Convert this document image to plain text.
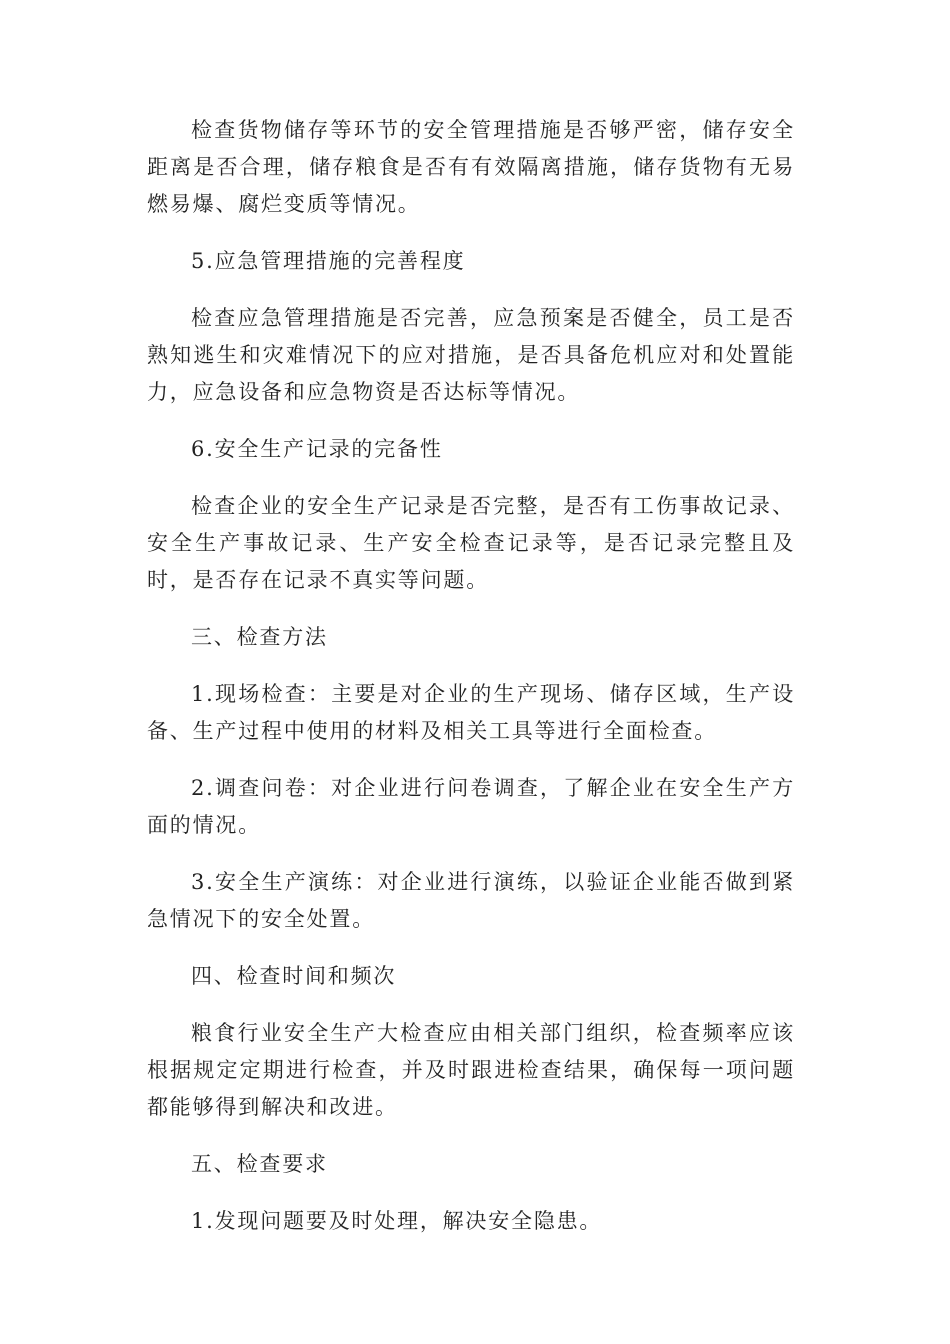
检查货物储存等环节的安全管理措施是否够严密，储存安全距离是否合理，储存粮食是否有有效隔离措施，储存货物有无易燃易爆、腐烂变质等情况。

5.应急管理措施的完善程度

检查应急管理措施是否完善，应急预案是否健全，员工是否熟知逃生和灾难情况下的应对措施，是否具备危机应对和处置能力，应急设备和应急物资是否达标等情况。

6.安全生产记录的完备性

检查企业的安全生产记录是否完整，是否有工伤事故记录、安全生产事故记录、生产安全检查记录等，是否记录完整且及时，是否存在记录不真实等问题。

三、检查方法

1.现场检查：主要是对企业的生产现场、储存区域，生产设备、生产过程中使用的材料及相关工具等进行全面检查。

2.调查问卷：对企业进行问卷调查，了解企业在安全生产方面的情况。

3.安全生产演练：对企业进行演练，以验证企业能否做到紧急情况下的安全处置。

四、检查时间和频次

粮食行业安全生产大检查应由相关部门组织，检查频率应该根据规定定期进行检查，并及时跟进检查结果，确保每一项问题都能够得到解决和改进。

五、检查要求

1.发现问题要及时处理，解决安全隐患。
